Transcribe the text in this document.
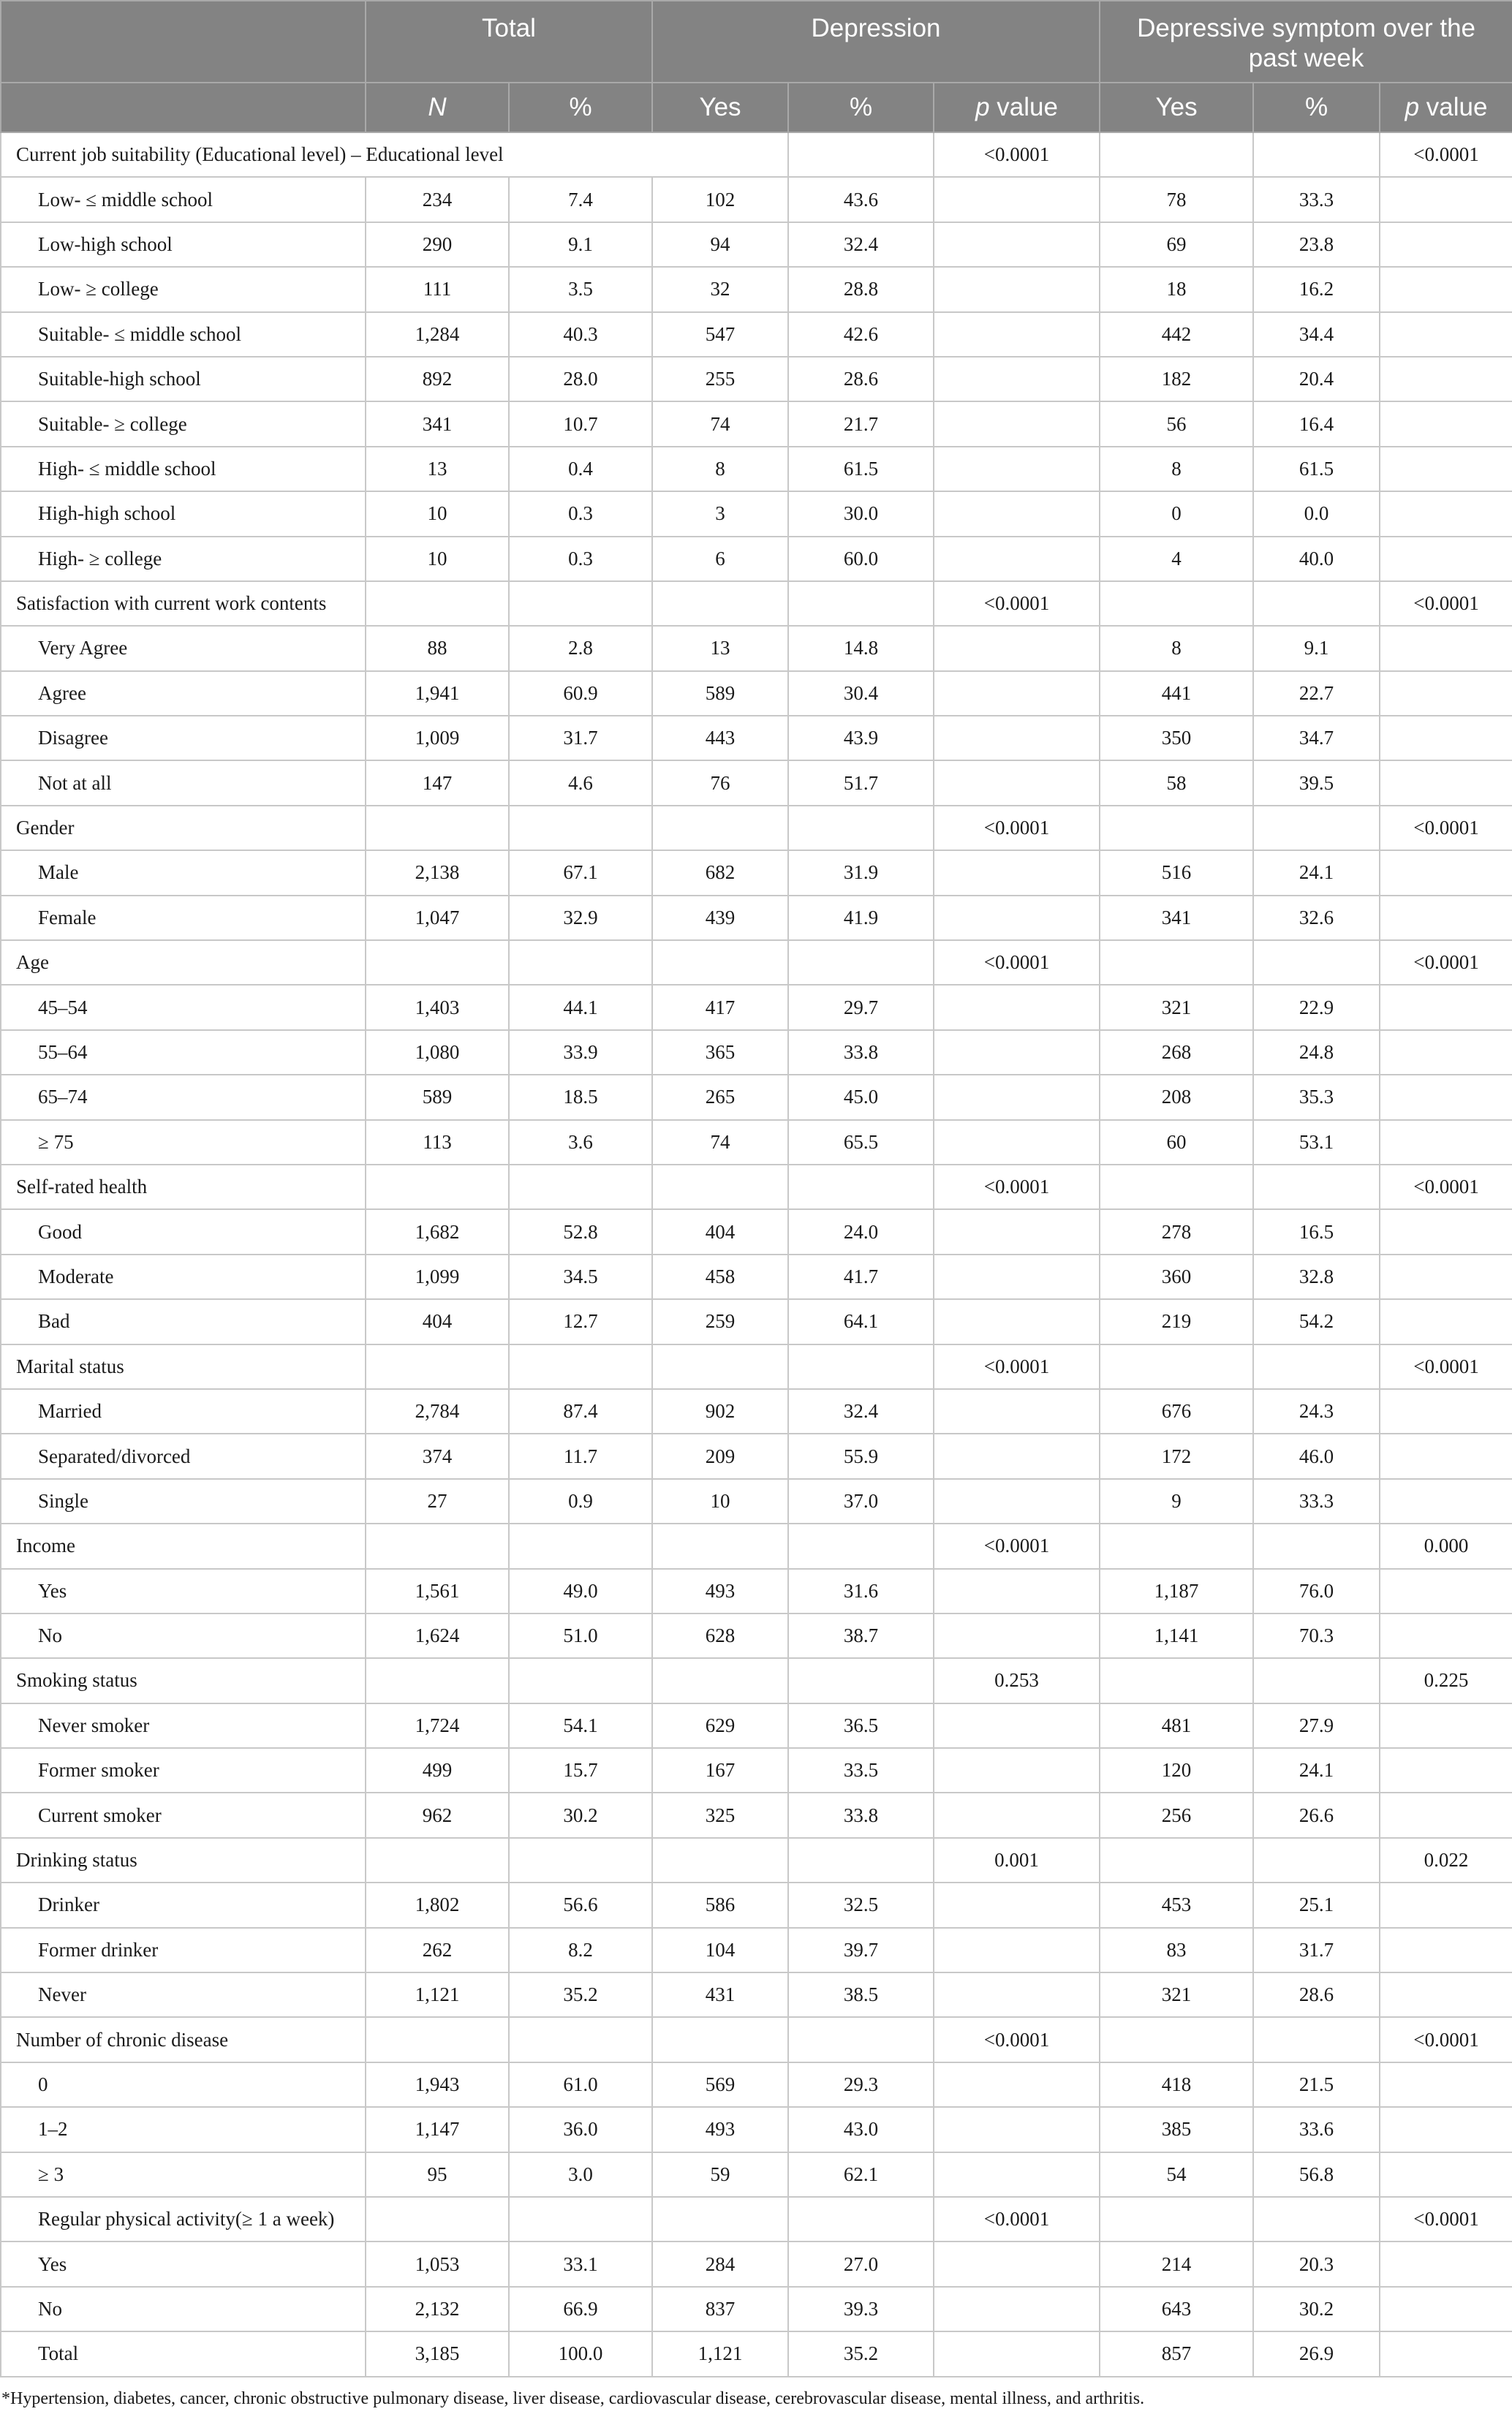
	Total		Depression			Depressive symptom over the past week		
	N	%	Yes	%	p value	Yes	%	p value
Current job suitability (Educational level) – Educational level					<0.0001			<0.0001
Low- ≤ middle school	234	7.4	102	43.6		78	33.3	
Low-high school	290	9.1	94	32.4		69	23.8	
Low- ≥ college	111	3.5	32	28.8		18	16.2	
Suitable- ≤ middle school	1,284	40.3	547	42.6		442	34.4	
Suitable-high school	892	28.0	255	28.6		182	20.4	
Suitable- ≥ college	341	10.7	74	21.7		56	16.4	
High- ≤ middle school	13	0.4	8	61.5		8	61.5	
High-high school	10	0.3	3	30.0		0	0.0	
High- ≥ college	10	0.3	6	60.0		4	40.0	
Satisfaction with current work contents					<0.0001			<0.0001
Very Agree	88	2.8	13	14.8		8	9.1	
Agree	1,941	60.9	589	30.4		441	22.7	
Disagree	1,009	31.7	443	43.9		350	34.7	
Not at all	147	4.6	76	51.7		58	39.5	
Gender					<0.0001			<0.0001
Male	2,138	67.1	682	31.9		516	24.1	
Female	1,047	32.9	439	41.9		341	32.6	
Age					<0.0001			<0.0001
45–54	1,403	44.1	417	29.7		321	22.9	
55–64	1,080	33.9	365	33.8		268	24.8	
65–74	589	18.5	265	45.0		208	35.3	
≥ 75	113	3.6	74	65.5		60	53.1	
Self-rated health					<0.0001			<0.0001
Good	1,682	52.8	404	24.0		278	16.5	
Moderate	1,099	34.5	458	41.7		360	32.8	
Bad	404	12.7	259	64.1		219	54.2	
Marital status					<0.0001			<0.0001
Married	2,784	87.4	902	32.4		676	24.3	
Separated/divorced	374	11.7	209	55.9		172	46.0	
Single	27	0.9	10	37.0		9	33.3	
Income					<0.0001			0.000
Yes	1,561	49.0	493	31.6		1,187	76.0	
No	1,624	51.0	628	38.7		1,141	70.3	
Smoking status					0.253			0.225
Never smoker	1,724	54.1	629	36.5		481	27.9	
Former smoker	499	15.7	167	33.5		120	24.1	
Current smoker	962	30.2	325	33.8		256	26.6	
Drinking status					0.001			0.022
Drinker	1,802	56.6	586	32.5		453	25.1	
Former drinker	262	8.2	104	39.7		83	31.7	
Never	1,121	35.2	431	38.5		321	28.6	
Number of chronic disease					<0.0001			<0.0001
0	1,943	61.0	569	29.3		418	21.5	
1–2	1,147	36.0	493	43.0		385	33.6	
≥ 3	95	3.0	59	62.1		54	56.8	
Regular physical activity(≥ 1 a week)					<0.0001			<0.0001
Yes	1,053	33.1	284	27.0		214	20.3	
No	2,132	66.9	837	39.3		643	30.2	
Total	3,185	100.0	1,121	35.2		857	26.9	
*Hypertension, diabetes, cancer, chronic obstructive pulmonary disease, liver disease, cardiovascular disease, cerebrovascular disease, mental illness, and arthritis.
